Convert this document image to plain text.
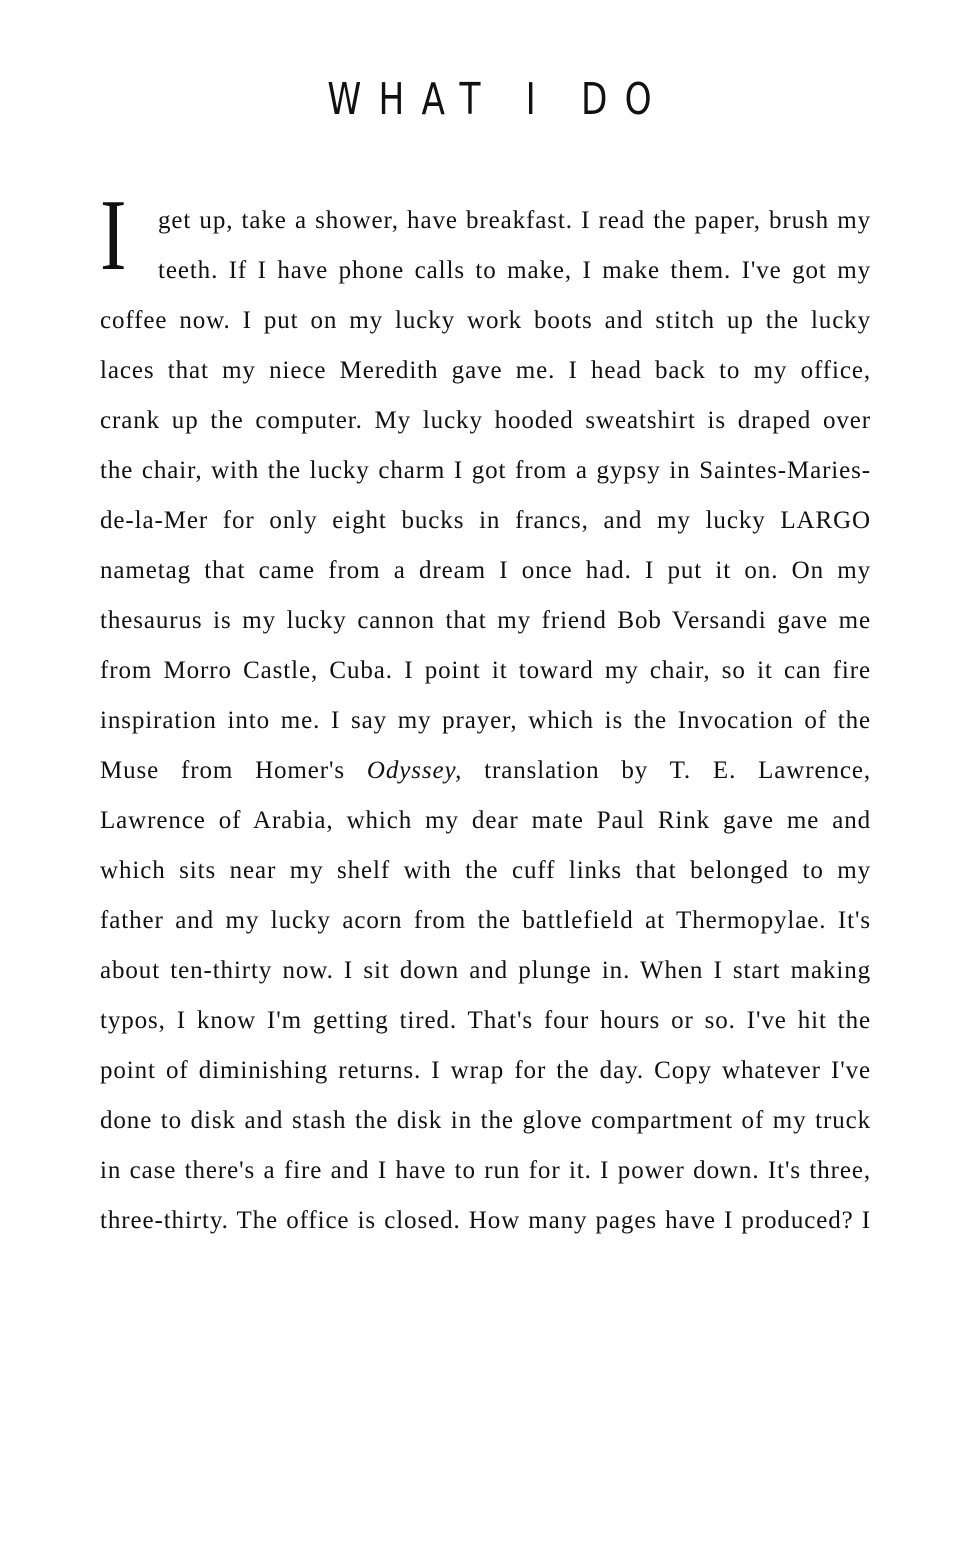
WHAT I DO

I get up, take a shower, have breakfast. I read the paper, brush my teeth. If I have phone calls to make, I make them. I've got my coffee now. I put on my lucky work boots and stitch up the lucky laces that my niece Meredith gave me. I head back to my office, crank up the computer. My lucky hooded sweatshirt is draped over the chair, with the lucky charm I got from a gypsy in Saintes-Maries-de-la-Mer for only eight bucks in francs, and my lucky LARGO nametag that came from a dream I once had. I put it on. On my thesaurus is my lucky cannon that my friend Bob Versandi gave me from Morro Castle, Cuba. I point it toward my chair, so it can fire inspiration into me. I say my prayer, which is the Invocation of the Muse from Homer's Odyssey, translation by T. E. Lawrence, Lawrence of Arabia, which my dear mate Paul Rink gave me and which sits near my shelf with the cuff links that belonged to my father and my lucky acorn from the battlefield at Thermopylae. It's about ten-thirty now. I sit down and plunge in. When I start making typos, I know I'm getting tired. That's four hours or so. I've hit the point of diminishing returns. I wrap for the day. Copy whatever I've done to disk and stash the disk in the glove compartment of my truck in case there's a fire and I have to run for it. I power down. It's three, three-thirty. The office is closed. How many pages have I produced? I
